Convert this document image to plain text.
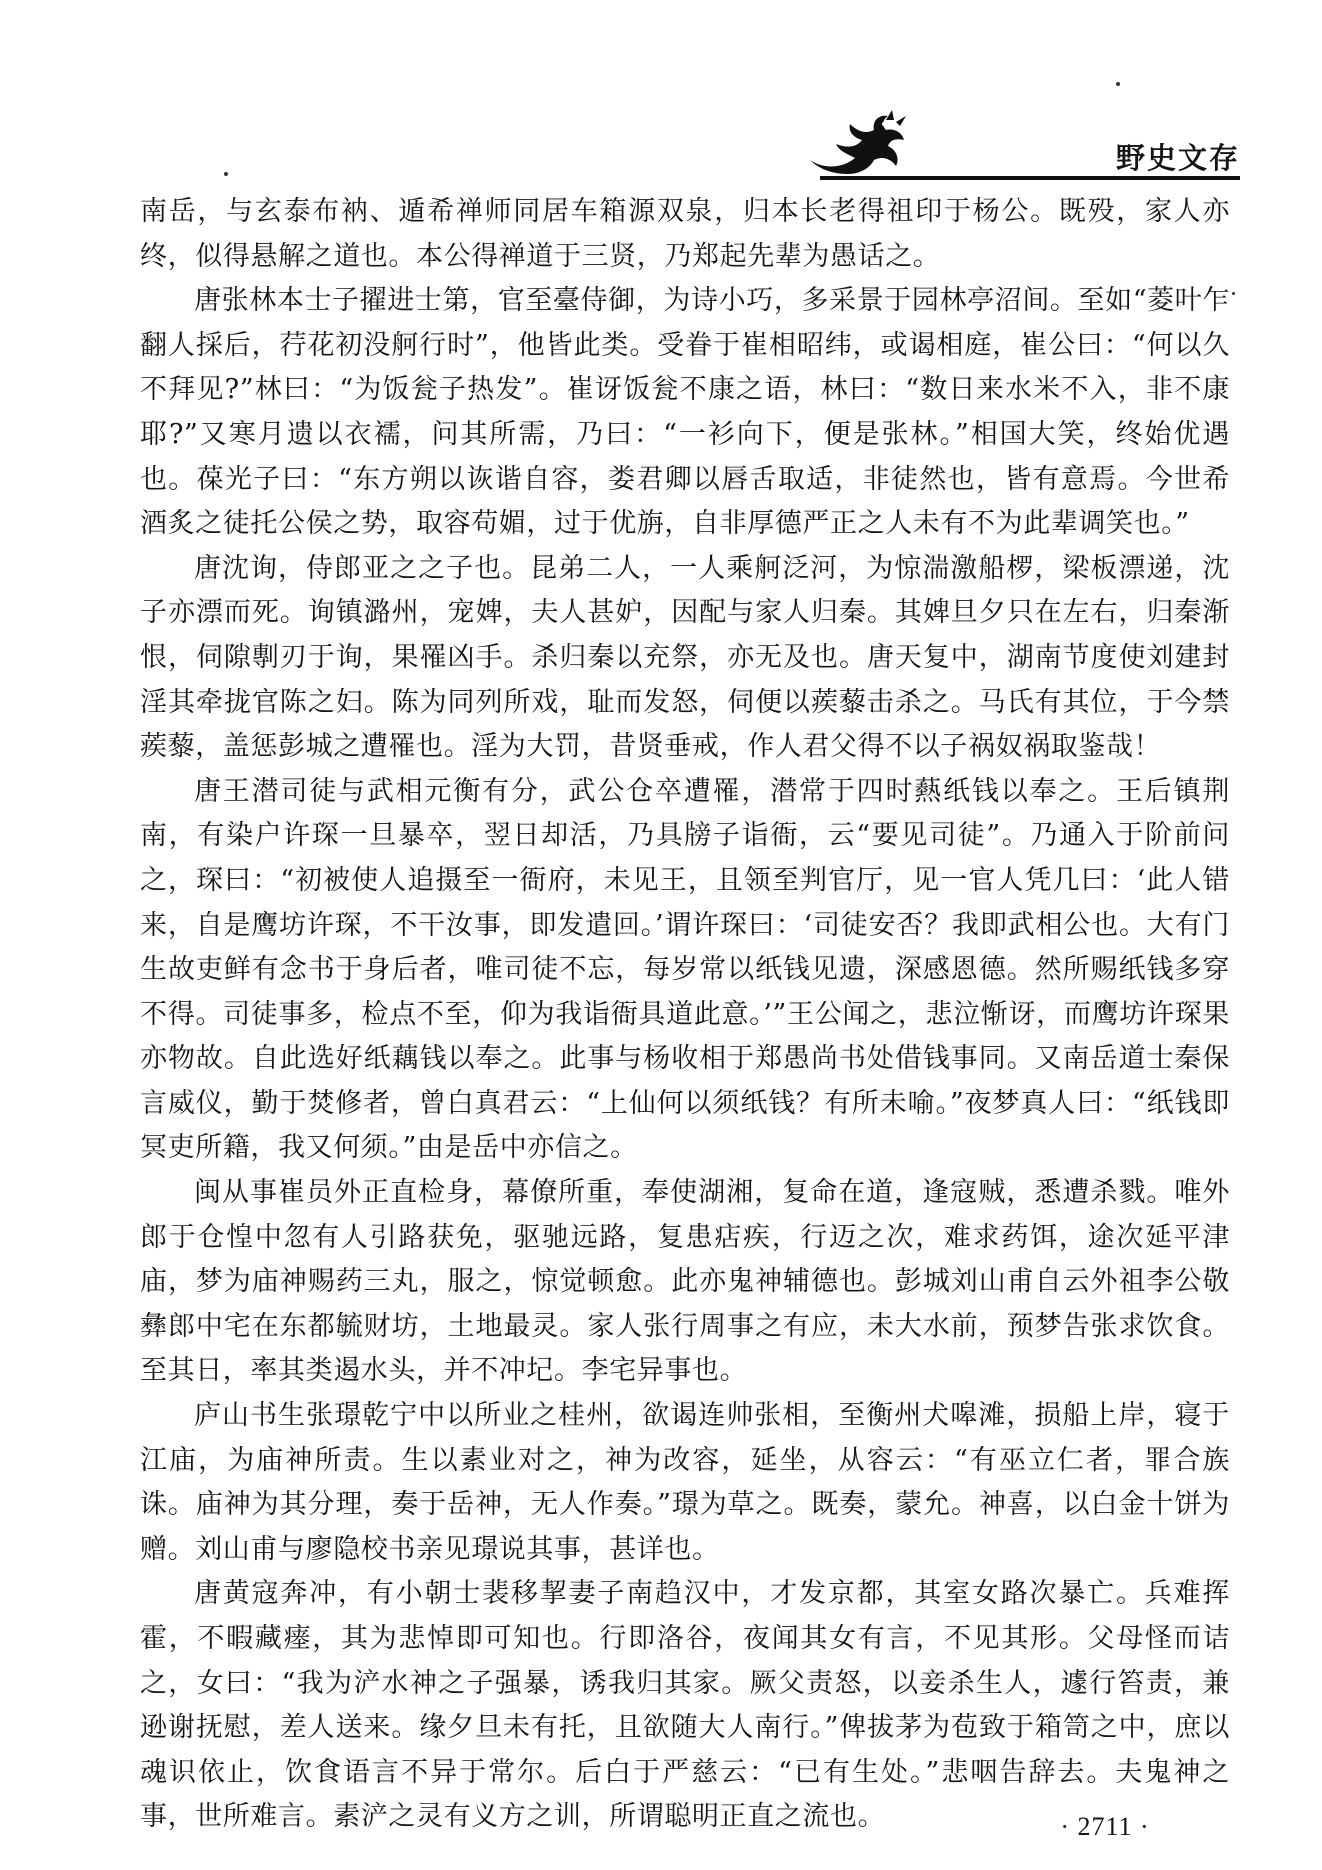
野史文存

南岳，与玄泰布衲、遁希禅师同居车箱源双泉，归本长老得祖印于杨公。既殁，家人亦终，似得悬解之道也。本公得禅道于三贤，乃郑起先辈为愚话之。

唐张林本士子擢进士第，官至臺侍御，为诗小巧，多采景于园林亭沼间。至如“菱叶乍翻人採后，荇花初没舸行时”，他皆此类。受眷于崔相昭纬，或谒相庭，崔公曰：“何以久不拜见?”林曰：“为饭瓮子热发”。崔讶饭瓮不康之语，林曰：“数日来水米不入，非不康耶?”又寒月遗以衣襦，问其所需，乃曰：“一衫向下，便是张林。”相国大笑，终始优遇也。葆光子曰：“东方朔以诙谐自容，娄君卿以唇舌取适，非徒然也，皆有意焉。今世希酒炙之徒托公侯之势，取容苟媚，过于优旃，自非厚德严正之人未有不为此辈调笑也。”

唐沈询，侍郎亚之之子也。昆弟二人，一人乘舸泛河，为惊湍激船椤，梁板漂递，沈子亦漂而死。询镇潞州，宠婢，夫人甚妒，因配与家人归秦。其婢旦夕只在左右，归秦渐恨，伺隙剸刃于询，果罹凶手。杀归秦以充祭，亦无及也。唐天复中，湖南节度使刘建封淫其牵拢官陈之妇。陈为同列所戏，耻而发怒，伺便以蒺藜击杀之。马氏有其位，于今禁蒺藜，盖惩彭城之遭罹也。淫为大罚，昔贤垂戒，作人君父得不以子祸奴祸取鉴哉！

唐王潜司徒与武相元衡有分，武公仓卒遭罹，潜常于四时爇纸钱以奉之。王后镇荆南，有染户许琛一旦暴卒，翌日却活，乃具牓子诣衙，云“要见司徒”。乃通入于阶前问之，琛曰：“初被使人追摄至一衙府，未见王，且领至判官厅，见一官人凭几曰：‘此人错来，自是鹰坊许琛，不干汝事，即发遣回。’谓许琛曰：‘司徒安否？我即武相公也。大有门生故吏鲜有念书于身后者，唯司徒不忘，每岁常以纸钱见遗，深感恩德。然所赐纸钱多穿不得。司徒事多，检点不至，仰为我诣衙具道此意。’”王公闻之，悲泣惭讶，而鹰坊许琛果亦物故。自此选好纸藕钱以奉之。此事与杨收相于郑愚尚书处借钱事同。又南岳道士秦保言威仪，勤于焚修者，曾白真君云：“上仙何以须纸钱？有所未喻。”夜梦真人曰：“纸钱即冥吏所籍，我又何须。”由是岳中亦信之。

闽从事崔员外正直检身，幕僚所重，奉使湖湘，复命在道，逢寇贼，悉遭杀戮。唯外郎于仓惶中忽有人引路获免，驱驰远路，复患痁疾，行迈之次，难求药饵，途次延平津庙，梦为庙神赐药三丸，服之，惊觉顿愈。此亦鬼神辅德也。彭城刘山甫自云外祖李公敬彝郎中宅在东都毓财坊，土地最灵。家人张行周事之有应，未大水前，预梦告张求饮食。至其日，率其类遏水头，并不冲圮。李宅异事也。

庐山书生张璟乾宁中以所业之桂州，欲谒连帅张相，至衡州犬嗥滩，损船上岸，寝于江庙，为庙神所责。生以素业对之，神为改容，延坐，从容云：“有巫立仁者，罪合族诛。庙神为其分理，奏于岳神，无人作奏。”璟为草之。既奏，蒙允。神喜，以白金十饼为赠。刘山甫与廖隐校书亲见璟说其事，甚详也。

唐黄寇奔冲，有小朝士裴移挈妻子南趋汉中，才发京都，其室女路次暴亡。兵难挥霍，不暇藏瘗，其为悲悼即可知也。行即洛谷，夜闻其女有言，不见其形。父母怪而诘之，女曰：“我为浐水神之子强暴，诱我归其家。厥父责怒，以妾杀生人，遽行笞责，兼逊谢抚慰，差人送来。缘夕旦未有托，且欲随大人南行。”俾拔茅为苞致于箱笥之中，庶以魂识依止，饮食语言不异于常尔。后白于严慈云：“已有生处。”悲咽告辞去。夫鬼神之事，世所难言。素浐之灵有义方之训，所谓聪明正直之流也。	· 2711 ·
